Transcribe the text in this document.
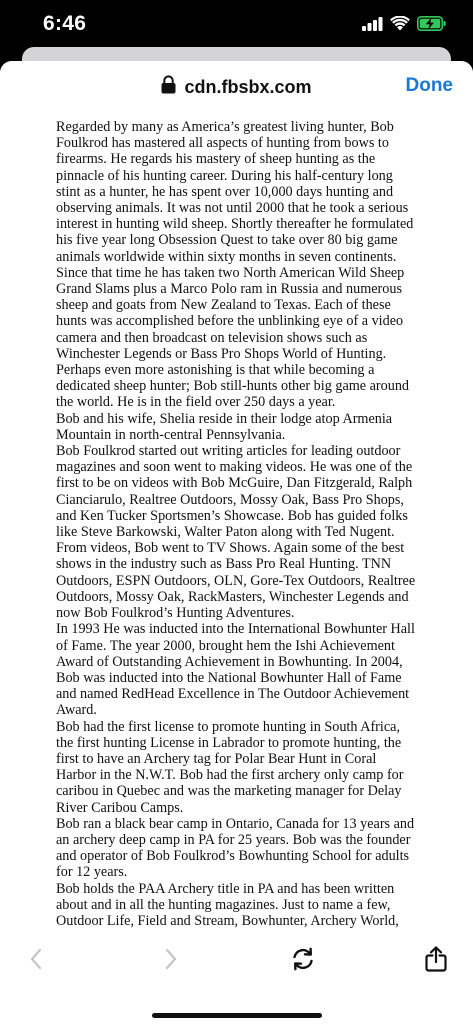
6:46
cdn.fbsbx.com	Done

Regarded by many as America’s greatest living hunter, Bob Foulkrod has mastered all aspects of hunting from bows to firearms. He regards his mastery of sheep hunting as the pinnacle of his hunting career. During his half-century long stint as a hunter, he has spent over 10,000 days hunting and observing animals. It was not until 2000 that he took a serious interest in hunting wild sheep. Shortly thereafter he formulated his five year long Obsession Quest to take over 80 big game animals worldwide within sixty months in seven continents.

Since that time he has taken two North American Wild Sheep Grand Slams plus a Marco Polo ram in Russia and numerous sheep and goats from New Zealand to Texas. Each of these hunts was accomplished before the unblinking eye of a video camera and then broadcast on television shows such as Winchester Legends or Bass Pro Shops World of Hunting.

Perhaps even more astonishing is that while becoming a dedicated sheep hunter; Bob still-hunts other big game around the world. He is in the field over 250 days a year.

Bob and his wife, Shelia reside in their lodge atop Armenia Mountain in north-central Pennsylvania.

Bob Foulkrod started out writing articles for leading outdoor magazines and soon went to making videos. He was one of the first to be on videos with Bob McGuire, Dan Fitzgerald, Ralph Cianciarulo, Realtree Outdoors, Mossy Oak, Bass Pro Shops, and Ken Tucker Sportsmen’s Showcase. Bob has guided folks like Steve Barkowski, Walter Paton along with Ted Nugent.

From videos, Bob went to TV Shows. Again some of the best shows in the industry such as Bass Pro Real Hunting. TNN Outdoors, ESPN Outdoors, OLN, Gore-Tex Outdoors, Realtree Outdoors, Mossy Oak, RackMasters, Winchester Legends and now Bob Foulkrod’s Hunting Adventures.

In 1993 He was inducted into the International Bowhunter Hall of Fame. The year 2000, brought hem the Ishi Achievement Award of Outstanding Achievement in Bowhunting. In 2004, Bob was inducted into the National Bowhunter Hall of Fame and named RedHead Excellence in The Outdoor Achievement Award.

Bob had the first license to promote hunting in South Africa, the first hunting License in Labrador to promote hunting, the first to have an Archery tag for Polar Bear Hunt in Coral Harbor in the N.W.T. Bob had the first archery only camp for caribou in Quebec and was the marketing manager for Delay River Caribou Camps.

Bob ran a black bear camp in Ontario, Canada for 13 years and an archery deep camp in PA for 25 years. Bob was the founder and operator of Bob Foulkrod’s Bowhunting School for adults for 12 years.

Bob holds the PAA Archery title in PA and has been written about and in all the hunting magazines. Just to name a few, Outdoor Life, Field and Stream, Bowhunter, Archery World,
